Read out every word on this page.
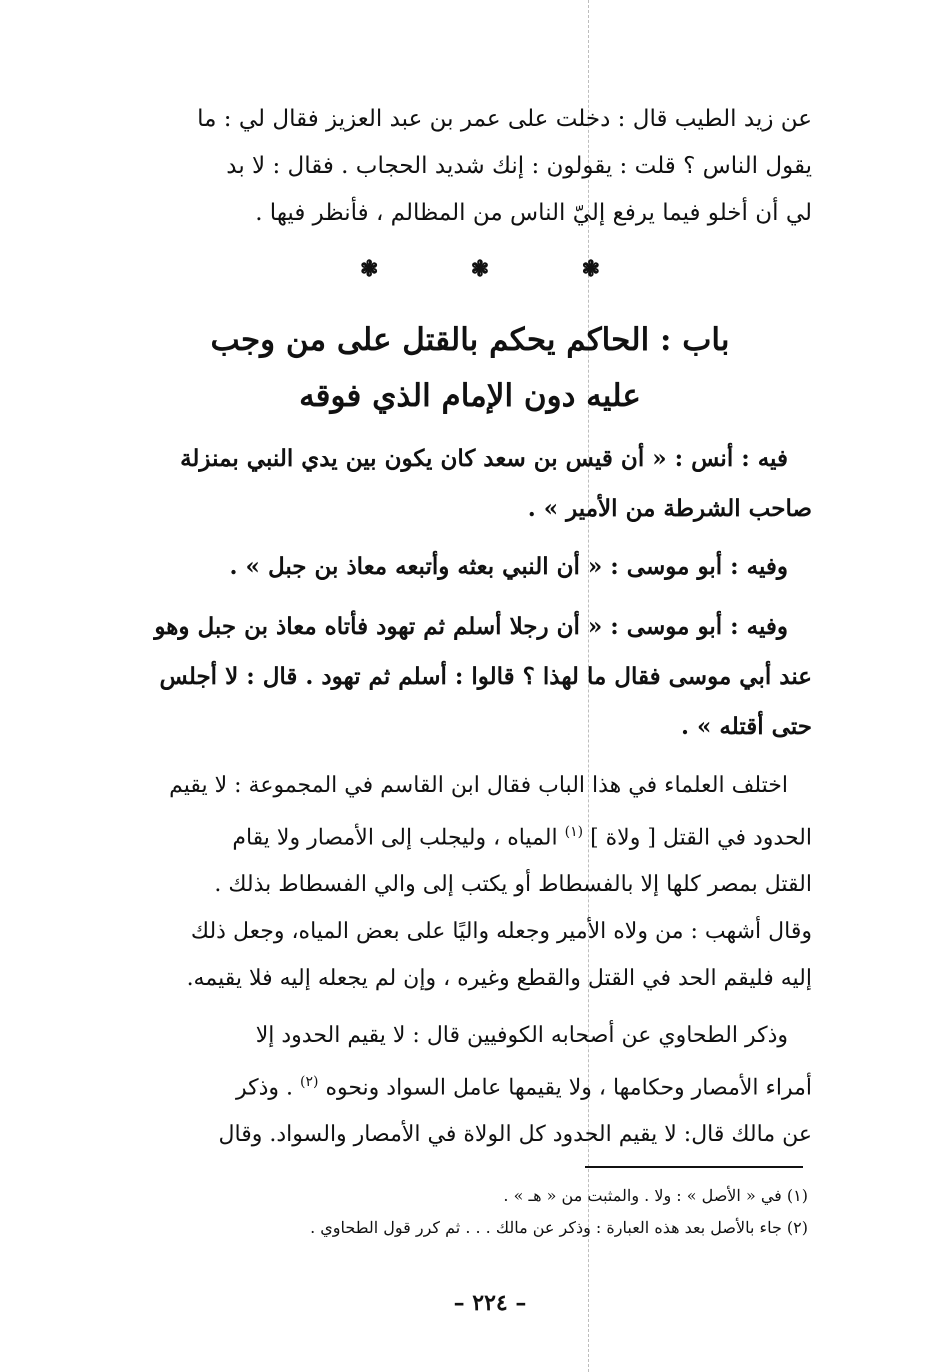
عن زيد الطيب قال : دخلت على عمر بن عبد العزيز فقال لي : ما
يقول الناس ؟ قلت : يقولون : إنك شديد الحجاب . فقال : لا بد
لي أن أخلو فيما يرفع إليّ الناس من المظالم ، فأنظر فيها .
❃
❃
❃
باب : الحاكم يحكم بالقتل على من وجب
عليه دون الإمام الذي فوقه
فيه : أنس : « أن قيس بن سعد كان يكون بين يدي النبي بمنزلة
صاحب الشرطة من الأمير » .
وفيه : أبو موسى : « أن النبي بعثه وأتبعه معاذ بن جبل » .
وفيه : أبو موسى : « أن رجلا أسلم ثم تهود فأتاه معاذ بن جبل وهو
عند أبي موسى فقال ما لهذا ؟ قالوا : أسلم ثم تهود . قال : لا أجلس
حتى أقتله » .
اختلف العلماء في هذا الباب فقال ابن القاسم في المجموعة : لا يقيم
الحدود في القتل [ ولاة ] $^{(١)}$ المياه ، وليجلب إلى الأمصار ولا يقام
القتل بمصر كلها إلا بالفسطاط أو يكتب إلى والي الفسطاط بذلك .
وقال أشهب : من ولاه الأمير وجعله واليًا على بعض المياه، وجعل ذلك
إليه فليقم الحد في القتل والقطع وغيره ، وإن لم يجعله إليه فلا يقيمه.
وذكر الطحاوي عن أصحابه الكوفيين قال : لا يقيم الحدود إلا
أمراء الأمصار وحكامها ، ولا يقيمها عامل السواد ونحوه $^{(٢)}$ . وذكر
عن مالك قال: لا يقيم الحدود كل الولاة في الأمصار والسواد. وقال
(١) في « الأصل » : ولا . والمثبت من « هـ » .
(٢) جاء بالأصل بعد هذه العبارة : وذكر عن مالك . . . ثم كرر قول الطحاوي .
– ٢٢٤ –
